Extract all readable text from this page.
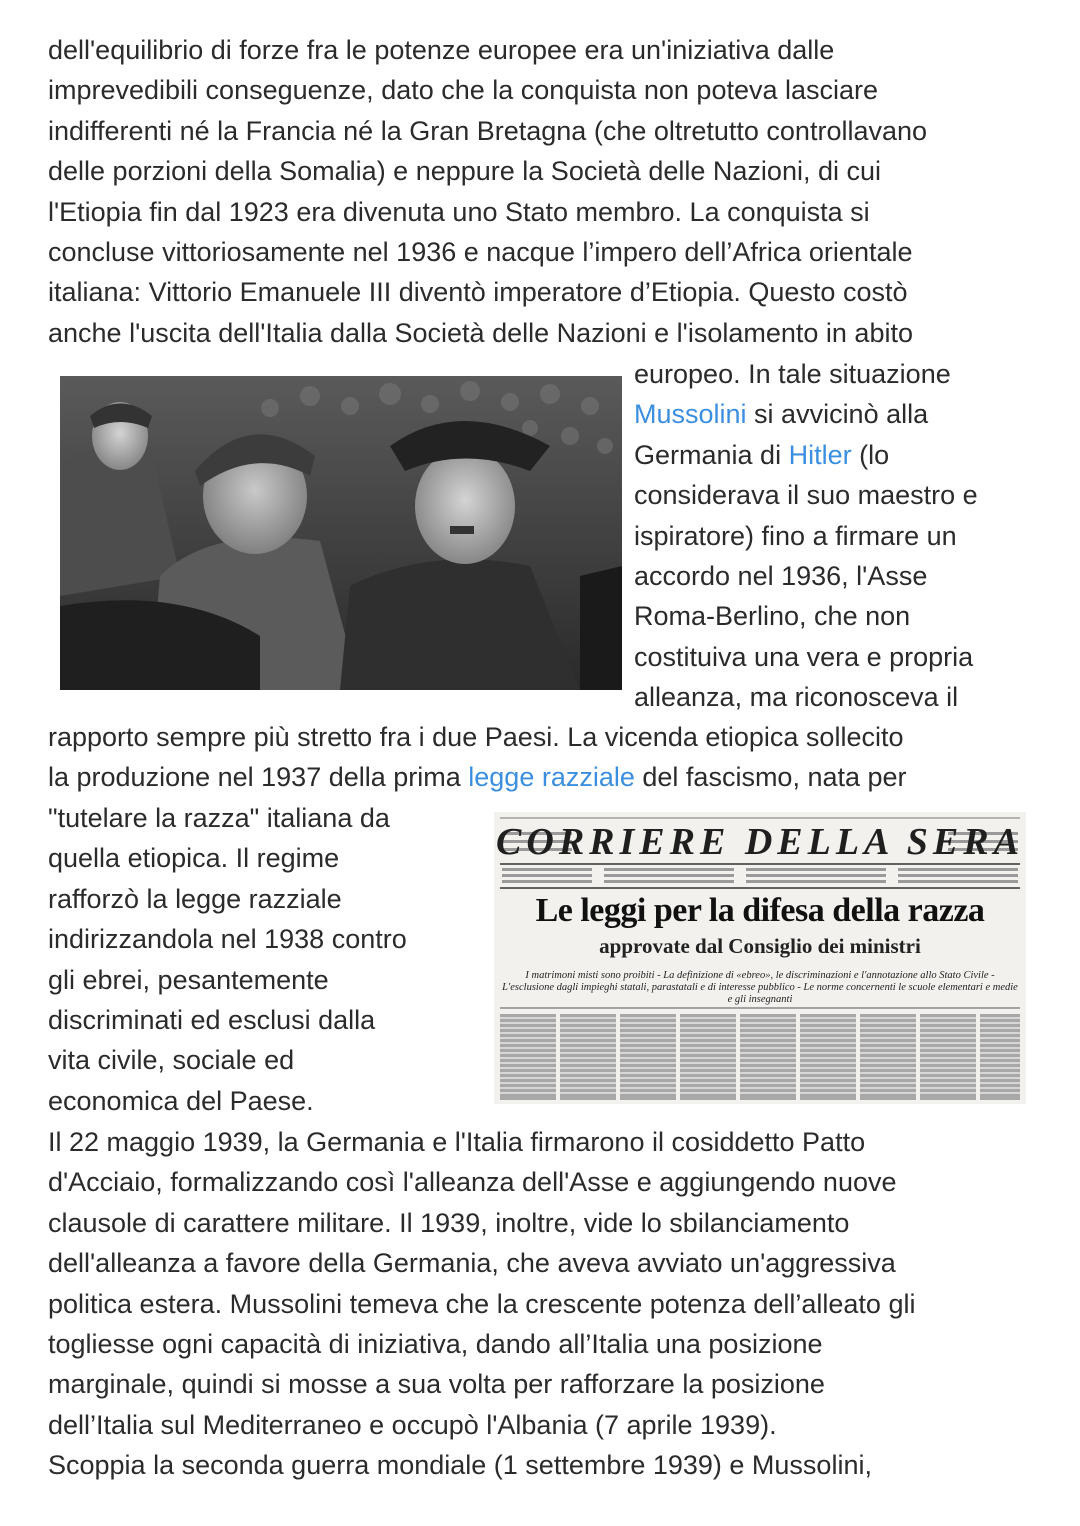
dell'equilibrio di forze fra le potenze europee era un'iniziativa dalle
imprevedibili conseguenze, dato che la conquista non poteva lasciare
indifferenti né la Francia né la Gran Bretagna (che oltretutto controllavano
delle porzioni della Somalia) e neppure la Società delle Nazioni, di cui
l'Etiopia fin dal 1923 era divenuta uno Stato membro. La conquista si
concluse vittoriosamente nel 1936 e nacque l’impero dell’Africa orientale
italiana: Vittorio Emanuele III diventò imperatore d’Etiopia. Questo costò
anche l'uscita dell'Italia dalla Società delle Nazioni e l'isolamento in abito
europeo. In tale situazione
Mussolini si avvicinò alla
Germania di Hitler (lo
considerava il suo maestro e
ispiratore) fino a firmare un
accordo nel 1936, l'Asse
Roma-Berlino, che non
costituiva una vera e propria
alleanza, ma riconosceva il
rapporto sempre più stretto fra i due Paesi. La vicenda etiopica sollecito
la produzione nel 1937 della prima legge razziale del fascismo, nata per
"tutelare la razza" italiana da
quella etiopica. Il regime
rafforzò la legge razziale
indirizzandola nel 1938 contro
gli ebrei, pesantemente
discriminati ed esclusi dalla
vita civile, sociale ed
economica del Paese.
CORRIERE DELLA SERA
Le leggi per la difesa della razza
approvate dal Consiglio dei ministri
I matrimoni misti sono proibiti - La definizione di «ebreo», le discriminazioni e l'annotazione allo Stato Civile - L'esclusione dagli impieghi statali, parastatali e di interesse pubblico - Le norme concernenti le scuole elementari e medie e gli insegnanti
Il 22 maggio 1939, la Germania e l'Italia firmarono il cosiddetto Patto
d'Acciaio, formalizzando così l'alleanza dell'Asse e aggiungendo nuove
clausole di carattere militare. Il 1939, inoltre, vide lo sbilanciamento
dell'alleanza a favore della Germania, che aveva avviato un'aggressiva
politica estera. Mussolini temeva che la crescente potenza dell’alleato gli
togliesse ogni capacità di iniziativa, dando all’Italia una posizione
marginale, quindi si mosse a sua volta per rafforzare la posizione
dell’Italia sul Mediterraneo e occupò l'Albania (7 aprile 1939).
Scoppia la seconda guerra mondiale (1 settembre 1939) e Mussolini,
